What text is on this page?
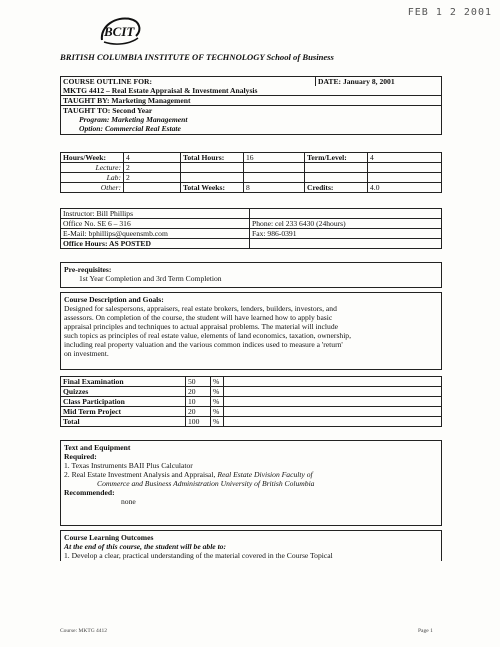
FEB 1 2 2001
BCIT
BRITISH COLUMBIA INSTITUTE OF TECHNOLOGY School of Business
COURSE OUTLINE FOR:	DATE: January 8, 2001
MKTG 4412 – Real Estate Appraisal & Investment Analysis
TAUGHT BY: Marketing Management

TAUGHT TO: Second Year
Program: Marketing Management
Option: Commercial Real Estate
Hours/Week:	4	Total Hours:	16	Term/Level:	4
Lecture:	2				
Lab:	2				
Other:		Total Weeks:	8	Credits:	4.0
Instructor: Bill Phillips	
Office No. SE 6 – 316	Phone: cel 233 6430 (24hours)
E-Mail: bphillips@queensmb.com	Fax: 986-0391
Office Hours: AS POSTED	

Pre-requisites:

1st Year Completion and 3rd Term Completion

Course Description and Goals:

Designed for salespersons, appraisers, real estate brokers, lenders, builders, investors, and

assessors. On completion of the course, the student will have learned how to apply basic

appraisal principles and techniques to actual appraisal problems. The material will include

such topics as principles of real estate value, elements of land economics, taxation, ownership,

including real property valuation and the various common indices used to measure a 'return'

on investment.

Final Examination	50	%	
Quizzes	20	%	
Class Participation	10	%	
Mid Term Project	20	%	
Total	100	%	

Text and Equipment

Required:

1. Texas Instruments BAII Plus Calculator

2. Real Estate Investment Analysis and Appraisal, Real Estate Division Faculty of

Commerce and Business Administration University of British Columbia

Recommended:

none

Course Learning Outcomes

At the end of this course, the student will be able to:

1. Develop a clear, practical understanding of the material covered in the Course Topical

Course: MKTG 4412	Page 1
